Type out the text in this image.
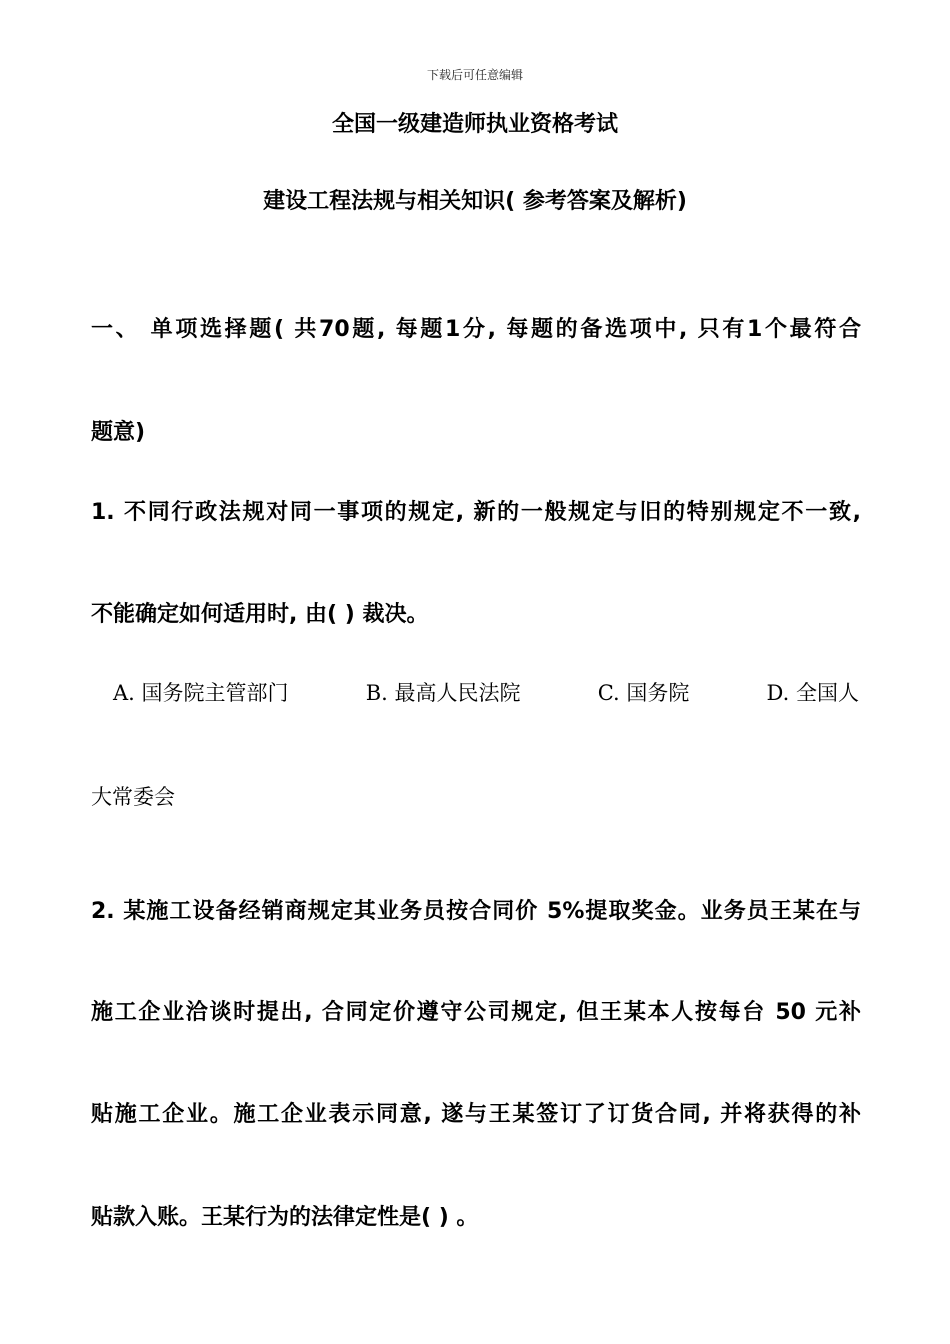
下载后可任意编辑
全国一级建造师执业资格考试
建设工程法规与相关知识( 参考答案及解析)
一、 单项选择题( 共70题, 每题1分, 每题的备选项中, 只有1个最符合
题意)
1. 不同行政法规对同一事项的规定, 新的一般规定与旧的特别规定不一致,
不能确定如何适用时, 由( ) 裁决。
A. 国务院主管部门	B. 最高人民法院	C. 国务院	D. 全国人
大常委会
2. 某施工设备经销商规定其业务员按合同价 5%提取奖金。业务员王某在与
施工企业洽谈时提出, 合同定价遵守公司规定, 但王某本人按每台 50 元补
贴施工企业。施工企业表示同意, 遂与王某签订了订货合同, 并将获得的补
贴款入账。王某行为的法律定性是( ) 。
